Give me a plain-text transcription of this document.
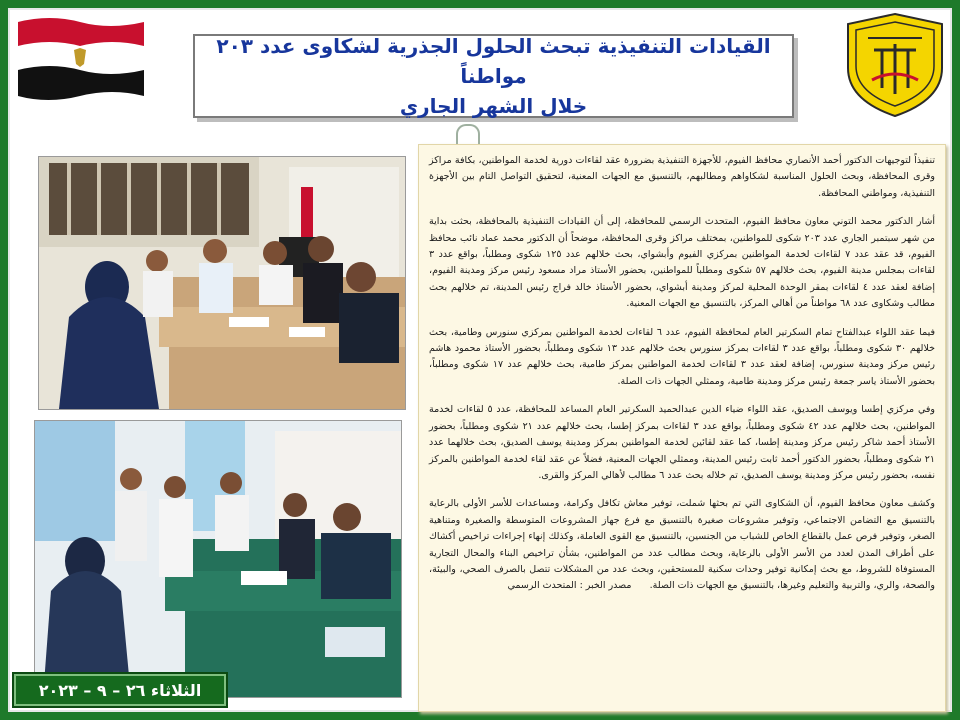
القيادات التنفيذية تبحث الحلول الجذرية لشكاوى عدد ٢٠٣ مواطناً
خلال الشهر الجاري
الثلاثاء ٢٦ – ٩ – ٢٠٢٣

تنفيذاً لتوجيهات الدكتور أحمد الأنصاري محافظ الفيوم، للأجهزة التنفيذية بضرورة عقد لقاءات دورية لخدمة المواطنين، بكافة مراكز وقرى المحافظة، وبحث الحلول المناسبة لشكاواهم ومطالبهم، بالتنسيق مع الجهات المعنية، لتحقيق التواصل التام بين الأجهزة التنفيذية، ومواطني المحافظة.

أشار الدكتور محمد التوني معاون محافظ الفيوم، المتحدث الرسمي للمحافظة، إلى أن القيادات التنفيذية بالمحافظة، بحثت بداية من شهر سبتمبر الجاري عدد ٢٠٣ شكوى للمواطنين، بمختلف مراكز وقرى المحافظة، موضحاً أن الدكتور محمد عماد نائب محافظ الفيوم، قد عقد عدد ٧ لقاءات لخدمة المواطنين بمركزي الفيوم وأبشواي، بحث خلالهم عدد ١٢٥ شكوى ومطلباً، بواقع عدد ٣ لقاءات بمجلس مدينة الفيوم، بحث خلالهم ٥٧ شكوى ومطلباً للمواطنين، بحضور الأستاذ مراد مسعود رئيس مركز ومدينة الفيوم، إضافة لعقد عدد ٤ لقاءات بمقر الوحدة المحلية لمركز ومدينة أبشواي، بحضور الأستاذ خالد فراج رئيس المدينة، تم خلالهم بحث مطالب وشكاوى عدد ٦٨ مواطناً من أهالي المركز، بالتنسيق مع الجهات المعنية.

فيما عقد اللواء عبدالفتاح تمام السكرتير العام لمحافظة الفيوم، عدد ٦ لقاءات لخدمة المواطنين بمركزي سنورس وطامية، بحث خلالهم ٣٠ شكوى ومطلباً، بواقع عدد ٣ لقاءات بمركز سنورس بحث خلالهم عدد ١٣ شكوى ومطلباً، بحضور الأستاذ محمود هاشم رئيس مركز ومدينة سنورس، إضافة لعقد عدد ٣ لقاءات لخدمة المواطنين بمركز طامية، بحث خلالهم عدد ١٧ شكوى ومطلباً، بحضور الأستاذ ياسر جمعة رئيس مركز ومدينة طامية، وممثلي الجهات ذات الصلة.

وفي مركزي إطسا ويوسف الصديق، عقد اللواء ضياء الدين عبدالحميد السكرتير العام المساعد للمحافظة، عدد ٥ لقاءات لخدمة المواطنين، بحث خلالهم عدد ٤٢ شكوى ومطلباً، بواقع عدد ٣ لقاءات بمركز إطسا، بحث خلالهم عدد ٢١ شكوى ومطلباً، بحضور الأستاذ أحمد شاكر رئيس مركز ومدينة إطسا، كما عقد لقائين لخدمة المواطنين بمركز ومدينة يوسف الصديق، بحث خلالهما عدد ٢١ شكوى ومطلباً، بحضور الدكتور أحمد ثابت رئيس المدينة، وممثلي الجهات المعنية، فضلاً عن عقد لقاء لخدمة المواطنين بالمركز نفسه، بحضور رئيس مركز ومدينة يوسف الصديق، تم خلاله بحث عدد ٦ مطالب لأهالي المركز والقرى.

وكشف معاون محافظ الفيوم، أن الشكاوى التي تم بحثها شملت، توفير معاش تكافل وكرامة، ومساعدات للأسر الأولى بالرعاية بالتنسيق مع التضامن الاجتماعي، وتوفير مشروعات صغيرة بالتنسيق مع فرع جهاز المشروعات المتوسطة والصغيرة ومتناهية الصغر، وتوفير فرص عمل بالقطاع الخاص للشباب من الجنسين، بالتنسيق مع القوى العاملة، وكذلك إنهاء إجراءات تراخيص أكشاك على أطراف المدن لعدد من الأسر الأولى بالرعاية، وبحث مطالب عدد من المواطنين، بشأن تراخيص البناء والمحال التجارية المستوفاة للشروط، مع بحث إمكانية توفير وحدات سكنية للمستحقين، وبحث عدد من المشكلات تتصل بالصرف الصحي، والبيئة، والصحة، والري، والتربية والتعليم وغيرها، بالتنسيق مع الجهات ذات الصلة.      مصدر الخبر : المتحدث الرسمي
